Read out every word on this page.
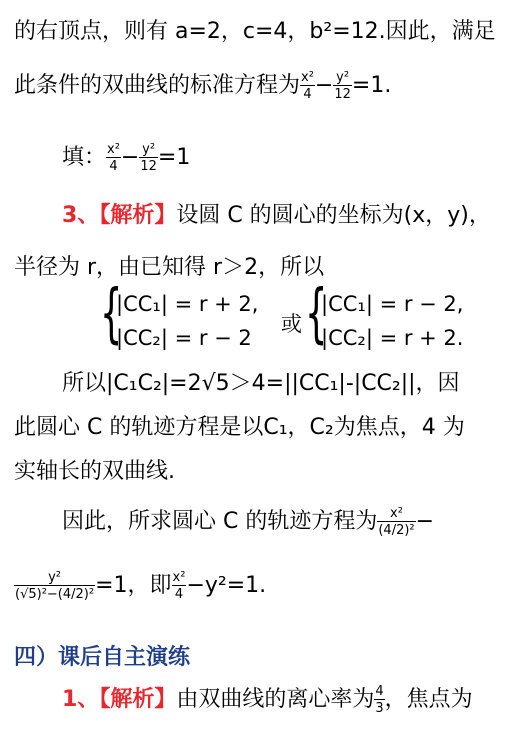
的右顶点，则有 a=2，c=4，b²=12.因此，满足
此条件的双曲线的标准方程为 $\frac{\text{x²}}{4} - \frac{\text{y²}}{12} =1$.
填： $\frac{\text{x²}}{4} - \frac{\text{y²}}{12} =1$
3、【解析】设圆 C 的圆心的坐标为(x，y)，
半径为 r，由已知得 r＞2，所以
{
|CC₁| = r + 2,
|CC₂| = r − 2
或 {
|CC₁| = r − 2,
|CC₂| = r + 2.
所以|C₁C₂|=2√5＞4=||CC₁|-|CC₂||，因
此圆心 C 的轨迹方程是以C₁，C₂为焦点，4 为
实轴长的双曲线.
因此，所求圆心 C 的轨迹方程为 $\frac{\text{x²}}{\text{(4/2)²}}$ −
$\frac{\text{y²}}{\text{(√5)²−(4/2)²}} =1$，即 $\frac{\text{x²}}{4} -y^2=1$.
四）课后自主演练
1、【解析】由双曲线的离心率为 $\frac{4}{3}$ ，焦点为
